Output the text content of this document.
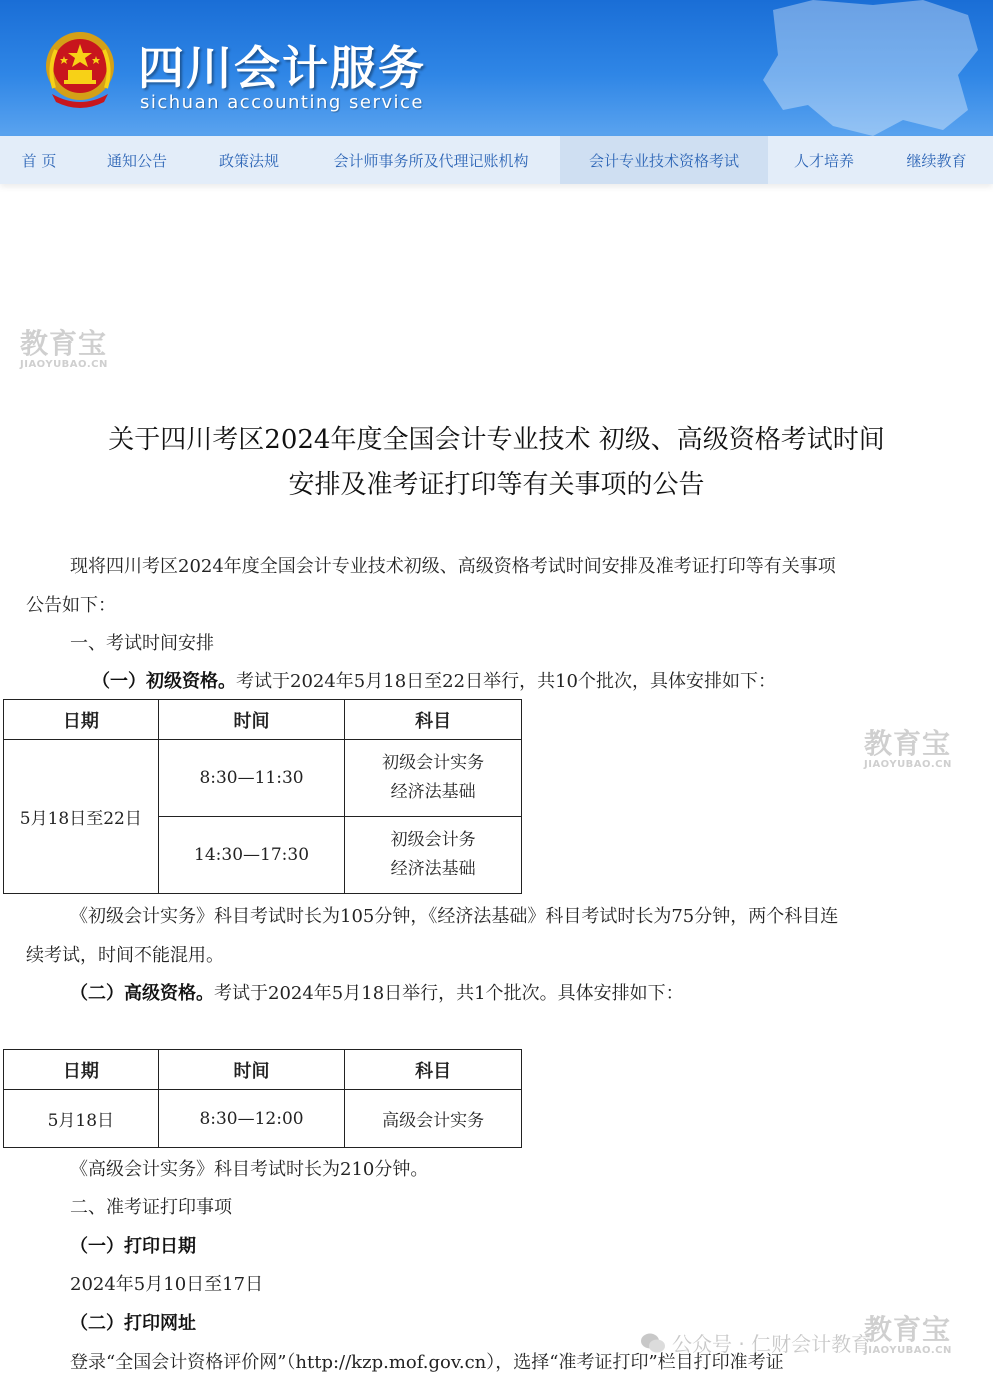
四川会计服务
sichuan accounting service
首 页	通知公告	政策法规	会计师事务所及代理记账机构	会计专业技术资格考试	人才培养	继续教育
教育宝
JIAOYUBAO.CN
教育宝
JIAOYUBAO.CN
关于四川考区2024年度全国会计专业技术 初级、高级资格考试时间
安排及准考证打印等有关事项的公告
现将四川考区2024年度全国会计专业技术初级、高级资格考试时间安排及准考证打印等有关事项
公告如下：
一、考试时间安排
（一）初级资格。考试于2024年5月18日至22日举行，共10个批次，具体安排如下：
日期	时间	科目
5月18日至22日	8:30—11:30	初级会计实务
经济法基础

	14:30—17:30	初级会计务
经济法基础
《初级会计实务》科目考试时长为105分钟，《经济法基础》科目考试时长为75分钟，两个科目连
续考试，时间不能混用。
（二）高级资格。考试于2024年5月18日举行，共1个批次。具体安排如下：
日期	时间	科目
5月18日	8:30—12:00	高级会计实务
《高级会计实务》科目考试时长为210分钟。
二、准考证打印事项
（一）打印日期
2024年5月10日至17日
（二）打印网址
登录“全国会计资格评价网”（http://kzp.mof.gov.cn），选择“准考证打印”栏目打印准考证
公众号 · 仁财会计教育
教育宝
JIAOYUBAO.CN
